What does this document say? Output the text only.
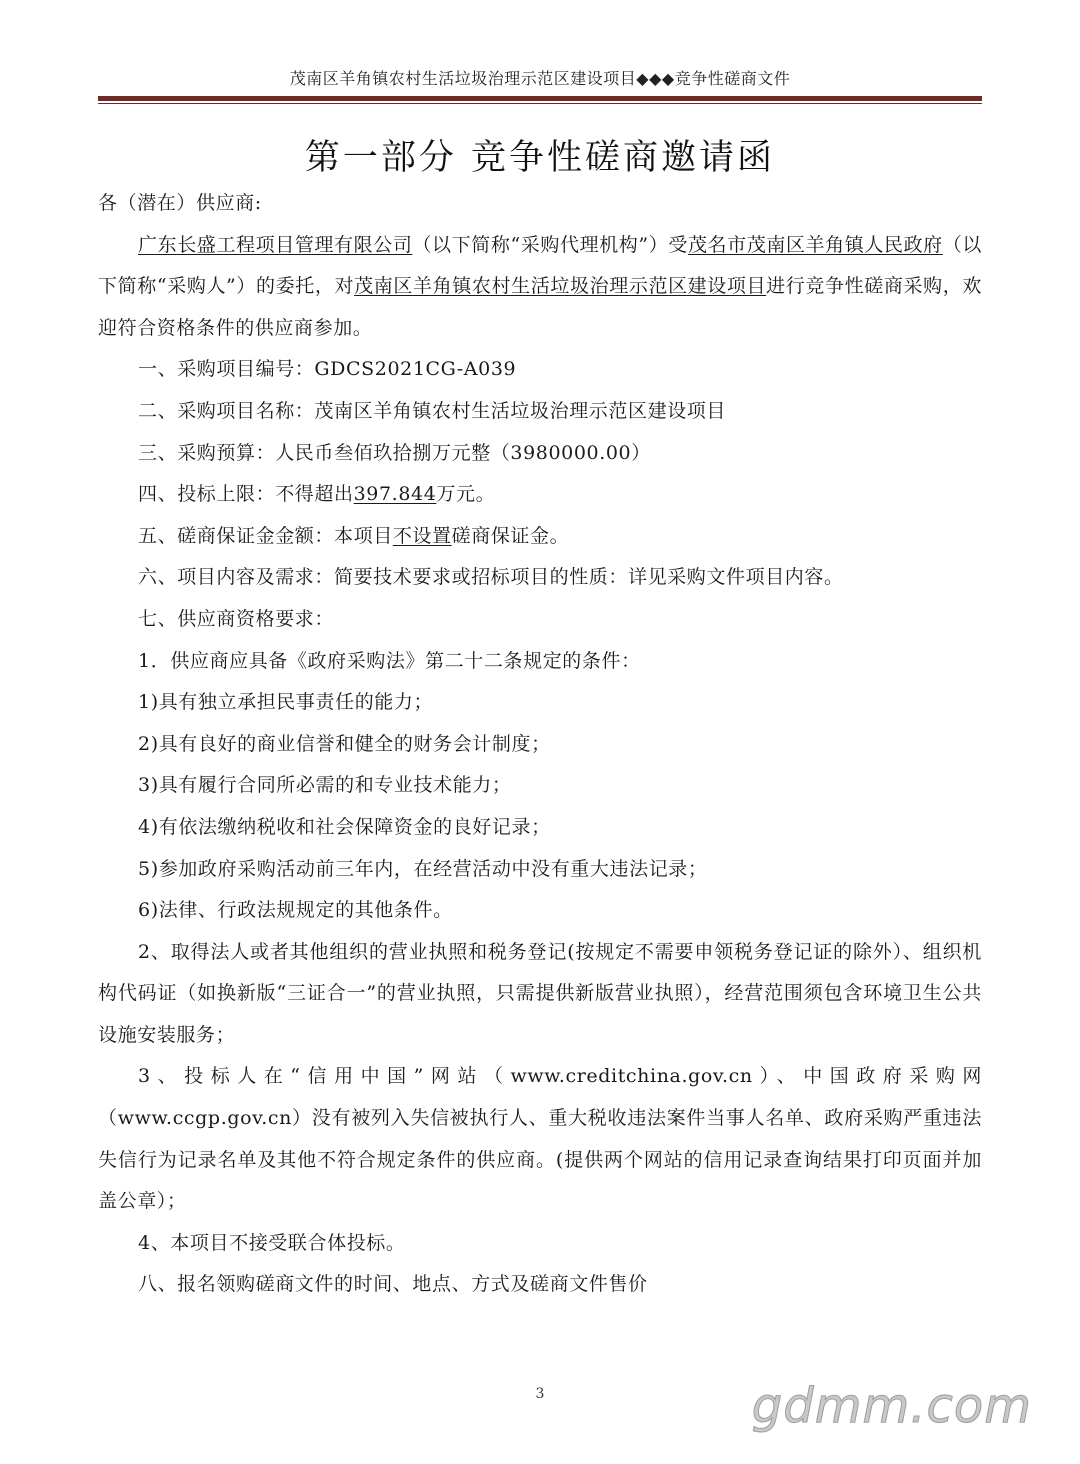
茂南区羊角镇农村生活垃圾治理示范区建设项目◆◆◆竞争性磋商文件
第一部分 竞争性磋商邀请函

各（潜在）供应商:

广东长盛工程项目管理有限公司（以下简称“采购代理机构”）受茂名市茂南区羊角镇人民政府（以下简称“采购人”）的委托，对茂南区羊角镇农村生活垃圾治理示范区建设项目进行竞争性磋商采购，欢迎符合资格条件的供应商参加。

一、采购项目编号：GDCS2021CG-A039

二、采购项目名称：茂南区羊角镇农村生活垃圾治理示范区建设项目

三、采购预算：人民币叁佰玖拾捌万元整（3980000.00）

四、投标上限：不得超出397.844万元。

五、磋商保证金金额：本项目不设置磋商保证金。

六、项目内容及需求：简要技术要求或招标项目的性质：详见采购文件项目内容。

七、供应商资格要求：

1．供应商应具备《政府采购法》第二十二条规定的条件：

1)具有独立承担民事责任的能力；

2)具有良好的商业信誉和健全的财务会计制度；

3)具有履行合同所必需的和专业技术能力；

4)有依法缴纳税收和社会保障资金的良好记录；

5)参加政府采购活动前三年内，在经营活动中没有重大违法记录；

6)法律、行政法规规定的其他条件。

2、取得法人或者其他组织的营业执照和税务登记(按规定不需要申领税务登记证的除外）、组织机构代码证（如换新版“三证合一”的营业执照，只需提供新版营业执照），经营范围须包含环境卫生公共设施安装服务；

3、投标人在“信用中国”网站（www.creditchina.gov.cn）、中国政府采购网（www.ccgp.gov.cn）没有被列入失信被执行人、重大税收违法案件当事人名单、政府采购严重违法失信行为记录名单及其他不符合规定条件的供应商。(提供两个网站的信用记录查询结果打印页面并加盖公章）；

4、本项目不接受联合体投标。

八、报名领购磋商文件的时间、地点、方式及磋商文件售价

3	gdmm.com
